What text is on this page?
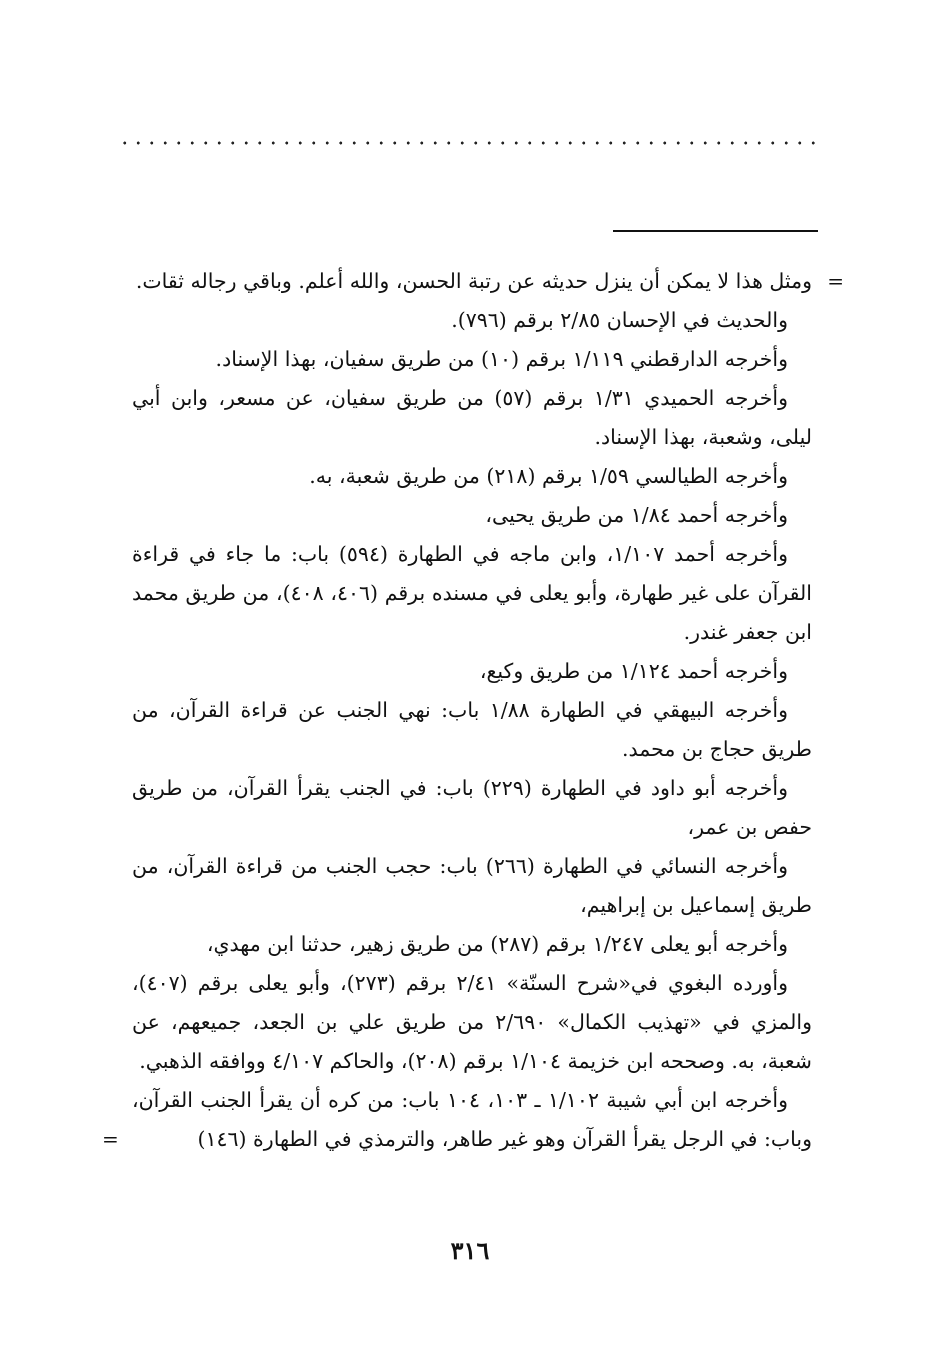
=
ومثل هذا لا يمكن أن ينزل حديثه عن رتبة الحسن، والله أعلم. وباقي رجاله ثقات.

والحديث في الإحسان ٢/٨٥ برقم (٧٩٦).

وأخرجه الدارقطني ١/١١٩ برقم (١٠) من طريق سفيان، بهذا الإسناد.

وأخرجه الحميدي ١/٣١ برقم (٥٧) من طريق سفيان، عن مسعر، وابن أبي ليلى، وشعبة، بهذا الإسناد.

وأخرجه الطيالسي ١/٥٩ برقم (٢١٨) من طريق شعبة، به.

وأخرجه أحمد ١/٨٤ من طريق يحيى،

وأخرجه أحمد ١/١٠٧، وابن ماجه في الطهارة (٥٩٤) باب: ما جاء في قراءة القرآن على غير طهارة، وأبو يعلى في مسنده برقم (٤٠٦، ٤٠٨)، من طريق محمد ابن جعفر غندر.

وأخرجه أحمد ١/١٢٤ من طريق وكيع،

وأخرجه البيهقي في الطهارة ١/٨٨ باب: نهي الجنب عن قراءة القرآن، من طريق حجاج بن محمد.

وأخرجه أبو داود في الطهارة (٢٢٩) باب: في الجنب يقرأ القرآن، من طريق حفص بن عمر،

وأخرجه النسائي في الطهارة (٢٦٦) باب: حجب الجنب من قراءة القرآن، من طريق إسماعيل بن إبراهيم،

وأخرجه أبو يعلى ١/٢٤٧ برقم (٢٨٧) من طريق زهير، حدثنا ابن مهدي،

وأورده البغوي في«شرح السنّة» ٢/٤١ برقم (٢٧٣)، وأبو يعلى برقم (٤٠٧)، والمزي في «تهذيب الكمال» ٢/٦٩٠ من طريق علي بن الجعد، جميعهم، عن شعبة، به. وصححه ابن خزيمة ١/١٠٤ برقم (٢٠٨)، والحاكم ٤/١٠٧ ووافقه الذهبي.

وأخرجه ابن أبي شيبة ١/١٠٢ ـ ١٠٣، ١٠٤ باب: من كره أن يقرأ الجنب القرآن، وباب: في الرجل يقرأ القرآن وهو غير طاهر، والترمذي في الطهارة (١٤٦)
=

٣١٦
